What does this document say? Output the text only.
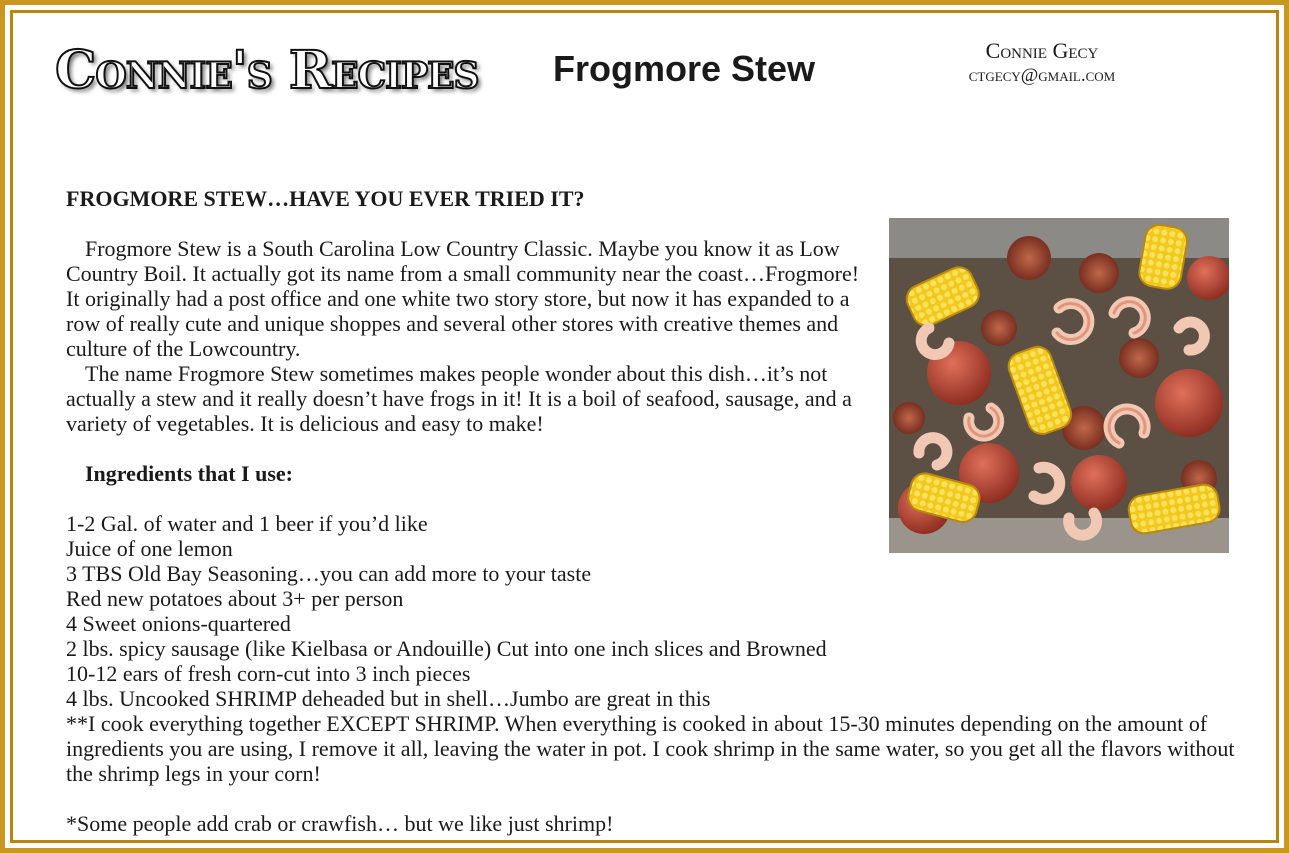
Connie's Recipes Frogmore Stew	Connie Gecy
ctgecy@gmail.com

FROGMORE STEW…HAVE YOU EVER TRIED IT?

Frogmore Stew is a South Carolina Low Country Classic. Maybe you know it as Low Country Boil. It actually got its name from a small community near the coast…Frogmore! It originally had a post office and one white two story store, but now it has expanded to a row of really cute and unique shoppes and several other stores with creative themes and culture of the Lowcountry.

The name Frogmore Stew sometimes makes people wonder about this dish…it’s not actually a stew and it really doesn’t have frogs in it! It is a boil of seafood, sausage, and a variety of vegetables. It is delicious and easy to make!

Ingredients that I use:

1-2 Gal. of water and 1 beer if you’d like
Juice of one lemon
3 TBS Old Bay Seasoning…you can add more to your taste
Red new potatoes about 3+ per person
4 Sweet onions-quartered
2 lbs. spicy sausage (like Kielbasa or Andouille) Cut into one inch slices and Browned
10-12 ears of fresh corn-cut into 3 inch pieces
4 lbs. Uncooked SHRIMP deheaded but in shell…Jumbo are great in this

**I cook everything together EXCEPT SHRIMP. When everything is cooked in about 15-30 minutes depending on the amount of ingredients you are using, I remove it all, leaving the water in pot. I cook shrimp in the same water, so you get all the flavors without the shrimp legs in your corn!

*Some people add crab or crawfish… but we like just shrimp!
